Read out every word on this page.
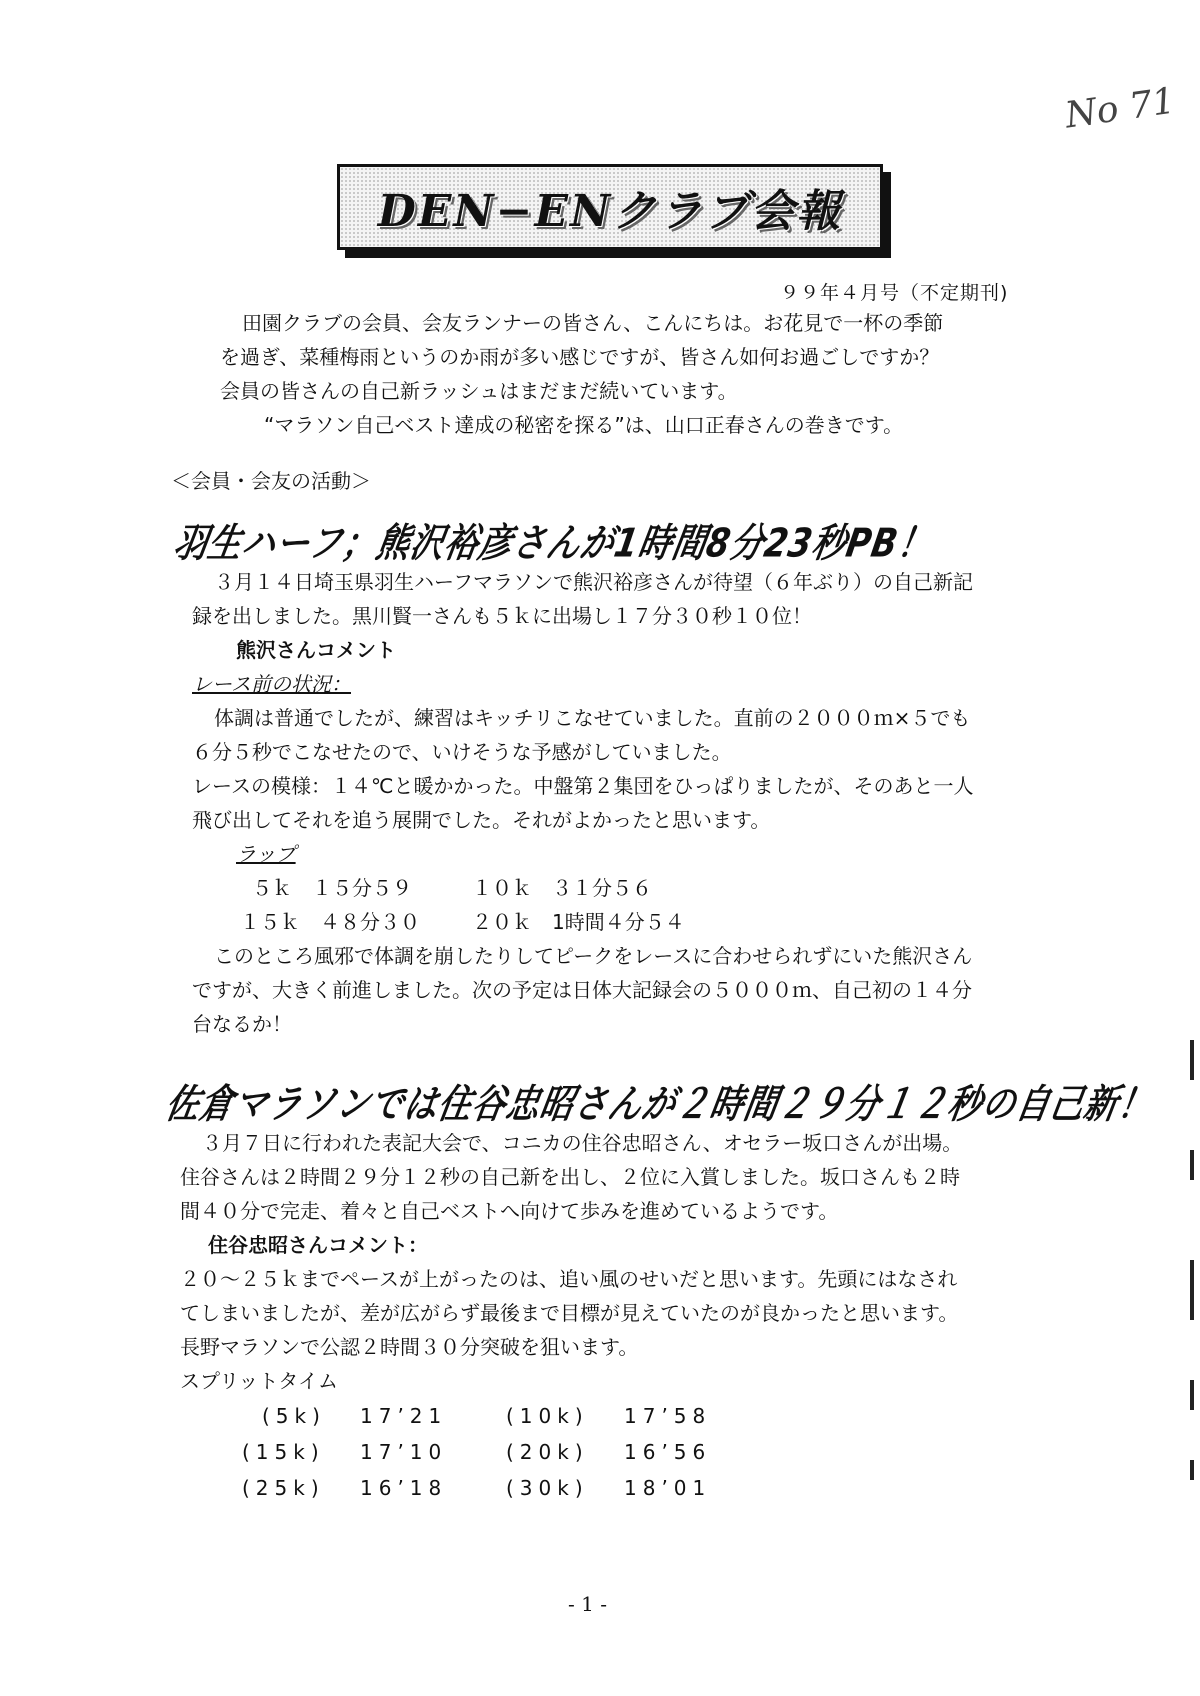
No 71
DEN−ENクラブ会報
９９年４月号（不定期刊)

田園クラブの会員、会友ランナーの皆さん、こんにちは。お花見で一杯の季節

を過ぎ、菜種梅雨というのか雨が多い感じですが、皆さん如何お過ごしですか？

会員の皆さんの自己新ラッシュはまだまだ続いています。

“マラソン自己ベスト達成の秘密を探る”は、山口正春さんの巻きです。

＜会員・会友の活動＞
羽生ハーフ；熊沢裕彦さんが1時間8分23秒PB！

３月１４日埼玉県羽生ハーフマラソンで熊沢裕彦さんが待望（６年ぶり）の自己新記

録を出しました。黒川賢一さんも５ｋに出場し１７分３０秒１０位！

熊沢さんコメント

レース前の状況：

体調は普通でしたが、練習はキッチリこなせていました。直前の２０００ｍ×５でも

６分５秒でこなせたので、いけそうな予感がしていました。

レースの模様：１４℃と暖かかった。中盤第２集団をひっぱりましたが、そのあと一人

飛び出してそれを追う展開でした。それがよかったと思います。

ラップ

５ｋ　１５分５９	１０ｋ　３１分５６

１５ｋ　４８分３０	２０ｋ　1時間４分５４

このところ風邪で体調を崩したりしてピークをレースに合わせられずにいた熊沢さん

ですが、大きく前進しました。次の予定は日体大記録会の５０００ｍ、自己初の１４分

台なるか！

佐倉マラソンでは住谷忠昭さんが２時間２９分１２秒の自己新！

３月７日に行われた表記大会で、コニカの住谷忠昭さん、オセラー坂口さんが出場。

住谷さんは２時間２９分１２秒の自己新を出し、２位に入賞しました。坂口さんも２時

間４０分で完走、着々と自己ベストへ向けて歩みを進めているようです。

住谷忠昭さんコメント：

２０〜２５ｋまでペースが上がったのは、追い風のせいだと思います。先頭にはなされ

てしまいましたが、差が広がらず最後まで目標が見えていたのが良かったと思います。

長野マラソンで公認２時間３０分突破を狙います。

スプリットタイム

(5k) 17’21	(10k) 17’58
(15k) 17’10	(20k) 16’56
(25k) 16’18	(30k) 18’01
- 1 -
